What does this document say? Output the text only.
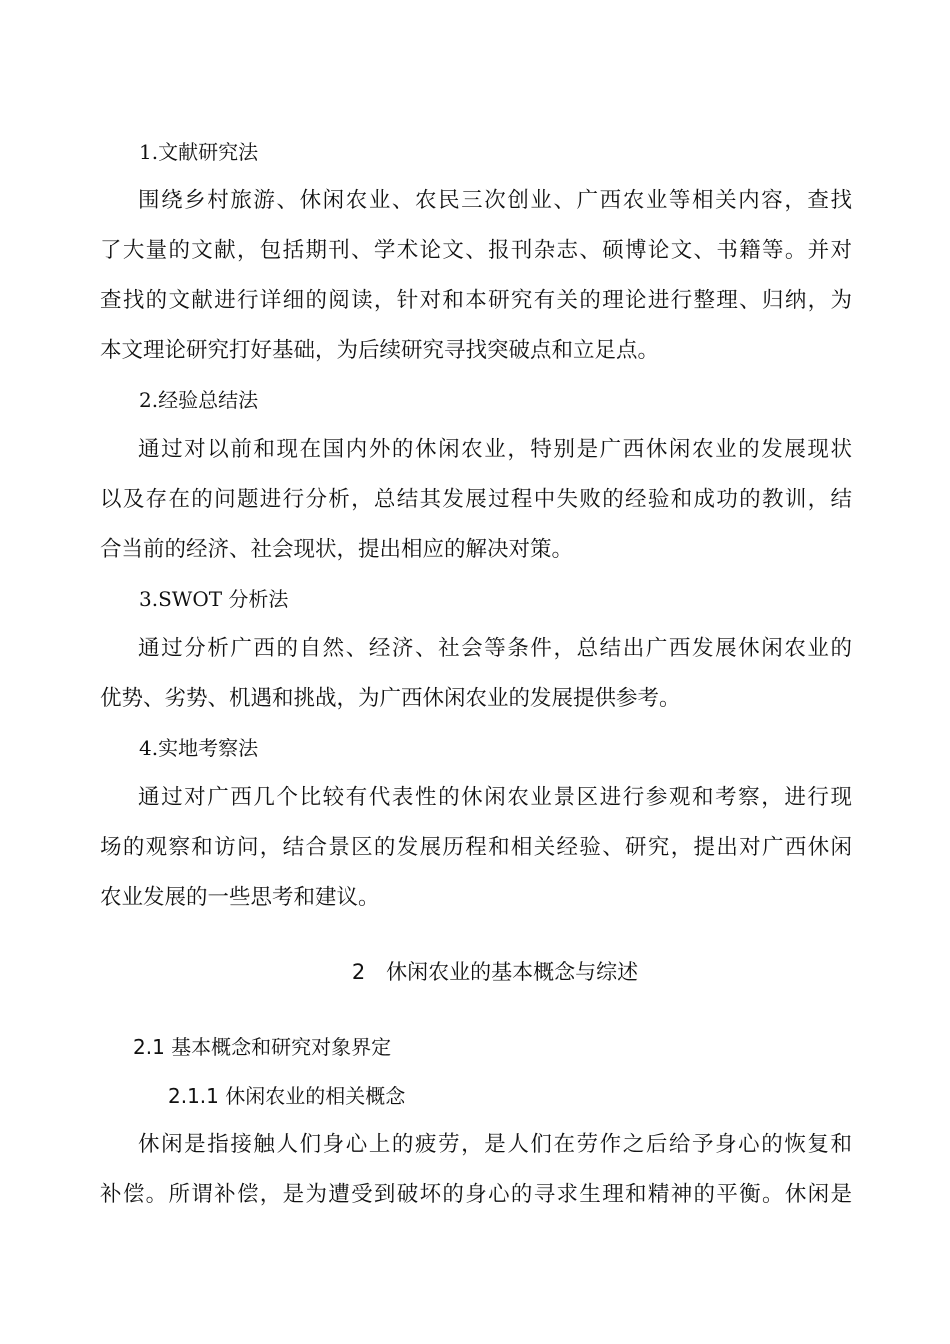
1.文献研究法
围绕乡村旅游、休闲农业、农民三次创业、广西农业等相关内容，查找
了大量的文献，包括期刊、学术论文、报刊杂志、硕博论文、书籍等。并对
查找的文献进行详细的阅读，针对和本研究有关的理论进行整理、归纳，为
本文理论研究打好基础，为后续研究寻找突破点和立足点。
2.经验总结法
通过对以前和现在国内外的休闲农业，特别是广西休闲农业的发展现状
以及存在的问题进行分析，总结其发展过程中失败的经验和成功的教训，结
合当前的经济、社会现状，提出相应的解决对策。
3.SWOT 分析法
通过分析广西的自然、经济、社会等条件，总结出广西发展休闲农业的
优势、劣势、机遇和挑战，为广西休闲农业的发展提供参考。
4.实地考察法
通过对广西几个比较有代表性的休闲农业景区进行参观和考察，进行现
场的观察和访问，结合景区的发展历程和相关经验、研究，提出对广西休闲
农业发展的一些思考和建议。
2　休闲农业的基本概念与综述
2.1 基本概念和研究对象界定
2.1.1 休闲农业的相关概念
休闲是指接触人们身心上的疲劳，是人们在劳作之后给予身心的恢复和
补偿。所谓补偿，是为遭受到破坏的身心的寻求生理和精神的平衡。休闲是
